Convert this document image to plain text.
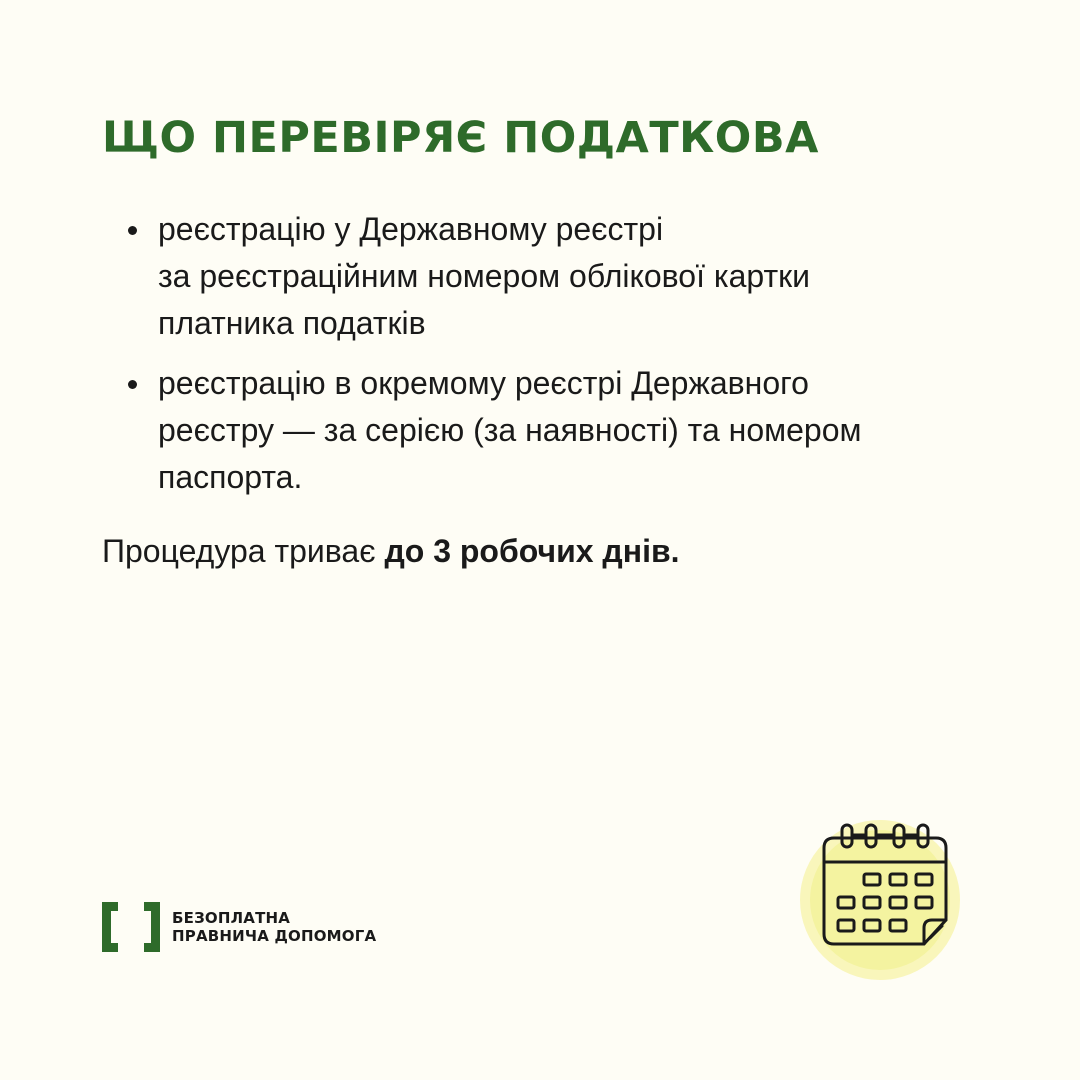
ЩО ПЕРЕВІРЯЄ ПОДАТКОВА
реєстрацію у Державному реєстрі
за реєстраційним номером облікової картки
платника податків
реєстрацію в окремому реєстрі Державного
реєстру — за серією (за наявності) та номером
паспорта.

Процедура триває до 3 робочих днів.

БЕЗОПЛАТНА
ПРАВНИЧА ДОПОМОГА
